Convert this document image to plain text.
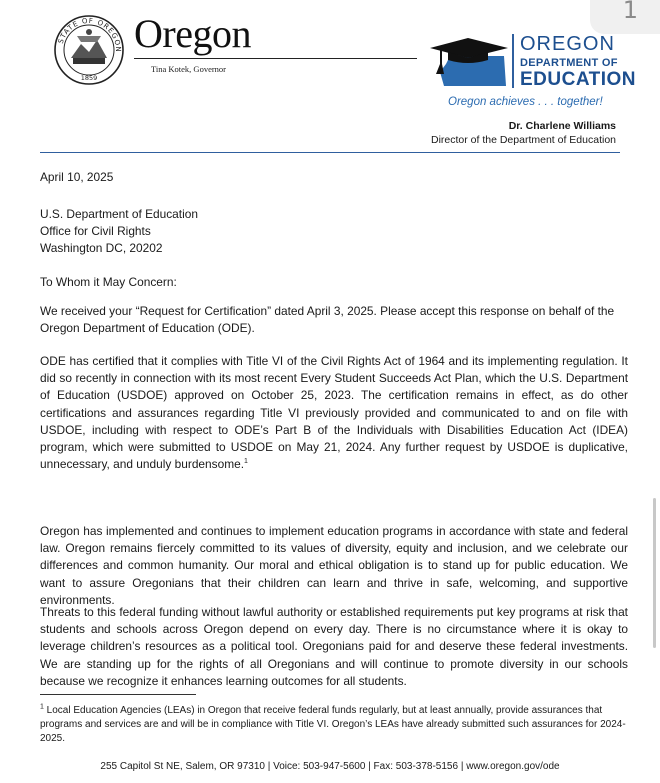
1
STATE OF OREGON
1859
Oregon
Tina Kotek, Governor
OREGON
DEPARTMENT OF
EDUCATION
Oregon achieves . . . together!
Dr. Charlene Williams
Director of the Department of Education
April 10, 2025
U.S. Department of Education
Office for Civil Rights
Washington DC, 20202
To Whom it May Concern:
We received your “Request for Certification” dated April 3, 2025. Please accept this response on behalf of the Oregon Department of Education (ODE).
ODE has certified that it complies with Title VI of the Civil Rights Act of 1964 and its implementing regulation. It did so recently in connection with its most recent Every Student Succeeds Act Plan, which the U.S. Department of Education (USDOE) approved on October 25, 2023. The certification remains in effect, as do other certifications and assurances regarding Title VI previously provided and communicated to and on file with USDOE, including with respect to ODE’s Part B of the Individuals with Disabilities Education Act (IDEA) program, which were submitted to USDOE on May 21, 2024. Any further request by USDOE is duplicative, unnecessary, and unduly burdensome.$^1$
Oregon has implemented and continues to implement education programs in accordance with state and federal law. Oregon remains fiercely committed to its values of diversity, equity and inclusion, and we celebrate our differences and common humanity. Our moral and ethical obligation is to stand up for public education. We want to assure Oregonians that their children can learn and thrive in safe, welcoming, and supportive environments.
Threats to this federal funding without lawful authority or established requirements put key programs at risk that students and schools across Oregon depend on every day. There is no circumstance where it is okay to leverage children’s resources as a political tool. Oregonians paid for and deserve these federal investments. We are standing up for the rights of all Oregonians and will continue to promote diversity in our schools because we recognize it enhances learning outcomes for all students.
$^1$ Local Education Agencies (LEAs) in Oregon that receive federal funds regularly, but at least annually, provide assurances that programs and services are and will be in compliance with Title VI. Oregon’s LEAs have already submitted such assurances for 2024-2025.
255 Capitol St NE, Salem, OR 97310 | Voice: 503-947-5600 | Fax: 503-378-5156 | www.oregon.gov/ode
